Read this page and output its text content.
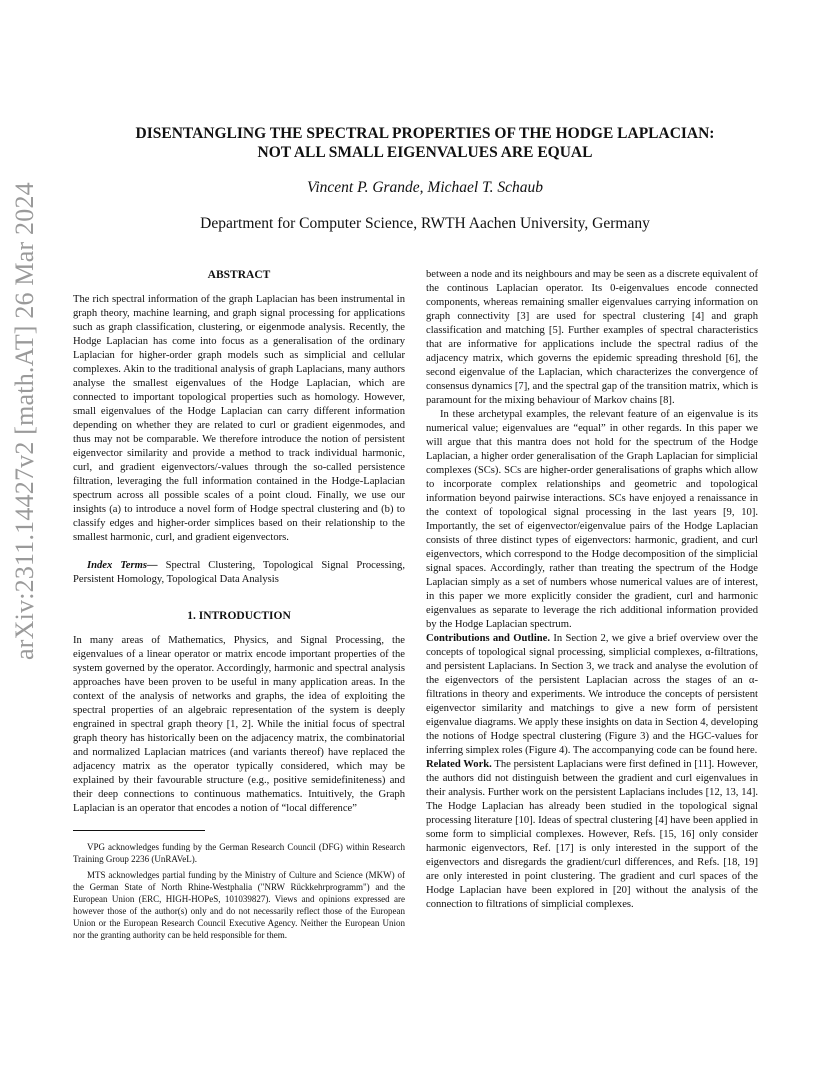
arXiv:2311.14427v2 [math.AT] 26 Mar 2024
DISENTANGLING THE SPECTRAL PROPERTIES OF THE HODGE LAPLACIAN:
NOT ALL SMALL EIGENVALUES ARE EQUAL
Vincent P. Grande, Michael T. Schaub
Department for Computer Science, RWTH Aachen University, Germany
ABSTRACT

The rich spectral information of the graph Laplacian has been instrumental in graph theory, machine learning, and graph signal processing for applications such as graph classification, clustering, or eigenmode analysis. Recently, the Hodge Laplacian has come into focus as a generalisation of the ordinary Laplacian for higher-order graph models such as simplicial and cellular complexes. Akin to the traditional analysis of graph Laplacians, many authors analyse the smallest eigenvalues of the Hodge Laplacian, which are connected to important topological properties such as homology. However, small eigenvalues of the Hodge Laplacian can carry different information depending on whether they are related to curl or gradient eigenmodes, and thus may not be comparable. We therefore introduce the notion of persistent eigenvector similarity and provide a method to track individual harmonic, curl, and gradient eigenvectors/-values through the so-called persistence filtration, leveraging the full information contained in the Hodge-Laplacian spectrum across all possible scales of a point cloud. Finally, we use our insights (a) to introduce a novel form of Hodge spectral clustering and (b) to classify edges and higher-order simplices based on their relationship to the smallest harmonic, curl, and gradient eigenvectors.

Index Terms— Spectral Clustering, Topological Signal Processing, Persistent Homology, Topological Data Analysis

1. INTRODUCTION

In many areas of Mathematics, Physics, and Signal Processing, the eigenvalues of a linear operator or matrix encode important properties of the system governed by the operator. Accordingly, harmonic and spectral analysis approaches have been proven to be useful in many application areas. In the context of the analysis of networks and graphs, the idea of exploiting the spectral properties of an algebraic representation of the system is deeply engrained in spectral graph theory [1, 2]. While the initial focus of spectral graph theory has historically been on the adjacency matrix, the combinatorial and normalized Laplacian matrices (and variants thereof) have replaced the adjacency matrix as the operator typically considered, which may be explained by their favourable structure (e.g., positive semidefiniteness) and their deep connections to continuous mathematics. Intuitively, the Graph Laplacian is an operator that encodes a notion of “local difference”

VPG acknowledges funding by the German Research Council (DFG) within Research Training Group 2236 (UnRAVeL).

MTS acknowledges partial funding by the Ministry of Culture and Science (MKW) of the German State of North Rhine-Westphalia ("NRW Rückkehrprogramm") and the European Union (ERC, HIGH-HOPeS, 101039827). Views and opinions expressed are however those of the author(s) only and do not necessarily reflect those of the European Union or the European Research Council Executive Agency. Neither the European Union nor the granting authority can be held responsible for them.

between a node and its neighbours and may be seen as a discrete equivalent of the continous Laplacian operator. Its 0-eigenvalues encode connected components, whereas remaining smaller eigenvalues carrying information on graph connectivity [3] are used for spectral clustering [4] and graph classification and matching [5]. Further examples of spectral characteristics that are informative for applications include the spectral radius of the adjacency matrix, which governs the epidemic spreading threshold [6], the second eigenvalue of the Laplacian, which characterizes the convergence of consensus dynamics [7], and the spectral gap of the transition matrix, which is paramount for the mixing behaviour of Markov chains [8].

In these archetypal examples, the relevant feature of an eigenvalue is its numerical value; eigenvalues are “equal” in other regards. In this paper we will argue that this mantra does not hold for the spectrum of the Hodge Laplacian, a higher order generalisation of the Graph Laplacian for simplicial complexes (SCs). SCs are higher-order generalisations of graphs which allow to incorporate complex relationships and geometric and topological information beyond pairwise interactions. SCs have enjoyed a renaissance in the context of topological signal processing in the last years [9, 10]. Importantly, the set of eigenvector/eigenvalue pairs of the Hodge Laplacian consists of three distinct types of eigenvectors: harmonic, gradient, and curl eigenvectors, which correspond to the Hodge decomposition of the simplicial signal spaces. Accordingly, rather than treating the spectrum of the Hodge Laplacian simply as a set of numbers whose numerical values are of interest, in this paper we more explicitly consider the gradient, curl and harmonic eigenvalues as separate to leverage the rich additional information provided by the Hodge Laplacian spectrum.

Contributions and Outline. In Section 2, we give a brief overview over the concepts of topological signal processing, simplicial complexes, α-filtrations, and persistent Laplacians. In Section 3, we track and analyse the evolution of the eigenvectors of the persistent Laplacian across the stages of an α-filtrations in theory and experiments. We introduce the concepts of persistent eigenvector similarity and matchings to give a new form of persistent eigenvalue diagrams. We apply these insights on data in Section 4, developing the notions of Hodge spectral clustering (Figure 3) and the HGC-values for inferring simplex roles (Figure 4). The accompanying code can be found here.

Related Work. The persistent Laplacians were first defined in [11]. However, the authors did not distinguish between the gradient and curl eigenvalues in their analysis. Further work on the persistent Laplacians includes [12, 13, 14]. The Hodge Laplacian has already been studied in the topological signal processing literature [10]. Ideas of spectral clustering [4] have been applied in some form to simplicial complexes. However, Refs. [15, 16] only consider harmonic eigenvectors, Ref. [17] is only interested in the support of the eigenvectors and disregards the gradient/curl differences, and Refs. [18, 19] are only interested in point clustering. The gradient and curl spaces of the Hodge Laplacian have been explored in [20] without the analysis of the connection to filtrations of simplicial complexes.
